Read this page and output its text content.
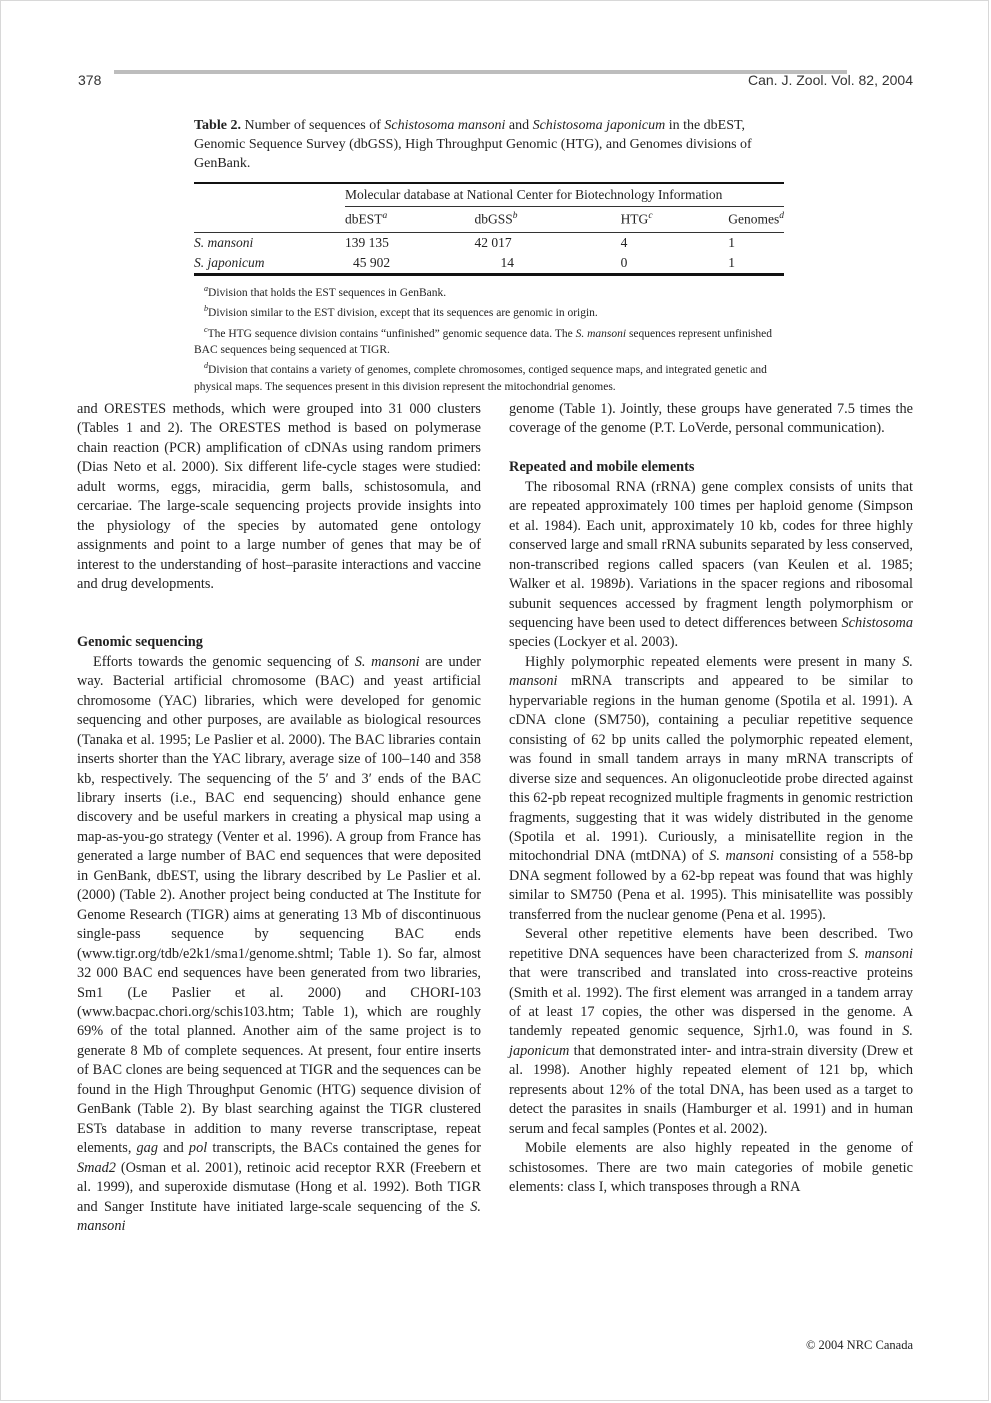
378	Can. J. Zool. Vol. 82, 2004

Table 2. Number of sequences of Schistosoma mansoni and Schistosoma japonicum in the dbEST, Genomic Sequence Survey (dbGSS), High Throughput Genomic (HTG), and Genomes divisions of GenBank.

	Molecular database at National Center for Biotechnology Information			
	dbEST$^a$	dbGSS$^b$	HTG$^c$	Genomes$^d$
S. mansoni	139 135	42 017	4	1
S. japonicum	45 902	14	0	1

$^a$Division that holds the EST sequences in GenBank.

$^b$Division similar to the EST division, except that its sequences are genomic in origin.

$^c$The HTG sequence division contains “unfinished” genomic sequence data. The S. mansoni sequences represent unfinished BAC sequences being sequenced at TIGR.

$^d$Division that contains a variety of genomes, complete chromosomes, contiged sequence maps, and integrated genetic and physical maps. The sequences present in this division represent the mitochondrial genomes.

and ORESTES methods, which were grouped into 31 000 clusters (Tables 1 and 2). The ORESTES method is based on polymerase chain reaction (PCR) amplification of cDNAs using random primers (Dias Neto et al. 2000). Six different life-cycle stages were studied: adult worms, eggs, miracidia, germ balls, schistosomula, and cercariae. The large-scale sequencing projects provide insights into the physiology of the species by automated gene ontology assignments and point to a large number of genes that may be of interest to the understanding of host–parasite interactions and vaccine and drug developments.

Genomic sequencing

Efforts towards the genomic sequencing of S. mansoni are under way. Bacterial artificial chromosome (BAC) and yeast artificial chromosome (YAC) libraries, which were developed for genomic sequencing and other purposes, are available as biological resources (Tanaka et al. 1995; Le Paslier et al. 2000). The BAC libraries contain inserts shorter than the YAC library, average size of 100–140 and 358 kb, respectively. The sequencing of the 5′ and 3′ ends of the BAC library inserts (i.e., BAC end sequencing) should enhance gene discovery and be useful markers in creating a physical map using a map-as-you-go strategy (Venter et al. 1996). A group from France has generated a large number of BAC end sequences that were deposited in GenBank, dbEST, using the library described by Le Paslier et al. (2000) (Table 2). Another project being conducted at The Institute for Genome Research (TIGR) aims at generating 13 Mb of discontinuous single-pass sequence by sequencing BAC ends (www.tigr.org/tdb/e2k1/sma1/genome.shtml; Table 1). So far, almost 32 000 BAC end sequences have been generated from two libraries, Sm1 (Le Paslier et al. 2000) and CHORI-103 (www.bacpac.chori.org/schis103.htm; Table 1), which are roughly 69% of the total planned. Another aim of the same project is to generate 8 Mb of complete sequences. At present, four entire inserts of BAC clones are being sequenced at TIGR and the sequences can be found in the High Throughput Genomic (HTG) sequence division of GenBank (Table 2). By blast searching against the TIGR clustered ESTs database in addition to many reverse transcriptase, repeat elements, gag and pol transcripts, the BACs contained the genes for Smad2 (Osman et al. 2001), retinoic acid receptor RXR (Freebern et al. 1999), and superoxide dismutase (Hong et al. 1992). Both TIGR and Sanger Institute have initiated large-scale sequencing of the S. mansoni

genome (Table 1). Jointly, these groups have generated 7.5 times the coverage of the genome (P.T. LoVerde, personal communication).

Repeated and mobile elements

The ribosomal RNA (rRNA) gene complex consists of units that are repeated approximately 100 times per haploid genome (Simpson et al. 1984). Each unit, approximately 10 kb, codes for three highly conserved large and small rRNA subunits separated by less conserved, non-transcribed regions called spacers (van Keulen et al. 1985; Walker et al. 1989b). Variations in the spacer regions and ribosomal subunit sequences accessed by fragment length polymorphism or sequencing have been used to detect differences between Schistosoma species (Lockyer et al. 2003).

Highly polymorphic repeated elements were present in many S. mansoni mRNA transcripts and appeared to be similar to hypervariable regions in the human genome (Spotila et al. 1991). A cDNA clone (SM750), containing a peculiar repetitive sequence consisting of 62 bp units called the polymorphic repeated element, was found in small tandem arrays in many mRNA transcripts of diverse size and sequences. An oligonucleotide probe directed against this 62-pb repeat recognized multiple fragments in genomic restriction fragments, suggesting that it was widely distributed in the genome (Spotila et al. 1991). Curiously, a minisatellite region in the mitochondrial DNA (mtDNA) of S. mansoni consisting of a 558-bp DNA segment followed by a 62-bp repeat was found that was highly similar to SM750 (Pena et al. 1995). This minisatellite was possibly transferred from the nuclear genome (Pena et al. 1995).

Several other repetitive elements have been described. Two repetitive DNA sequences have been characterized from S. mansoni that were transcribed and translated into cross-reactive proteins (Smith et al. 1992). The first element was arranged in a tandem array of at least 17 copies, the other was dispersed in the genome. A tandemly repeated genomic sequence, Sjrh1.0, was found in S. japonicum that demonstrated inter- and intra-strain diversity (Drew et al. 1998). Another highly repeated element of 121 bp, which represents about 12% of the total DNA, has been used as a target to detect the parasites in snails (Hamburger et al. 1991) and in human serum and fecal samples (Pontes et al. 2002).

Mobile elements are also highly repeated in the genome of schistosomes. There are two main categories of mobile genetic elements: class I, which transposes through a RNA

© 2004 NRC Canada
